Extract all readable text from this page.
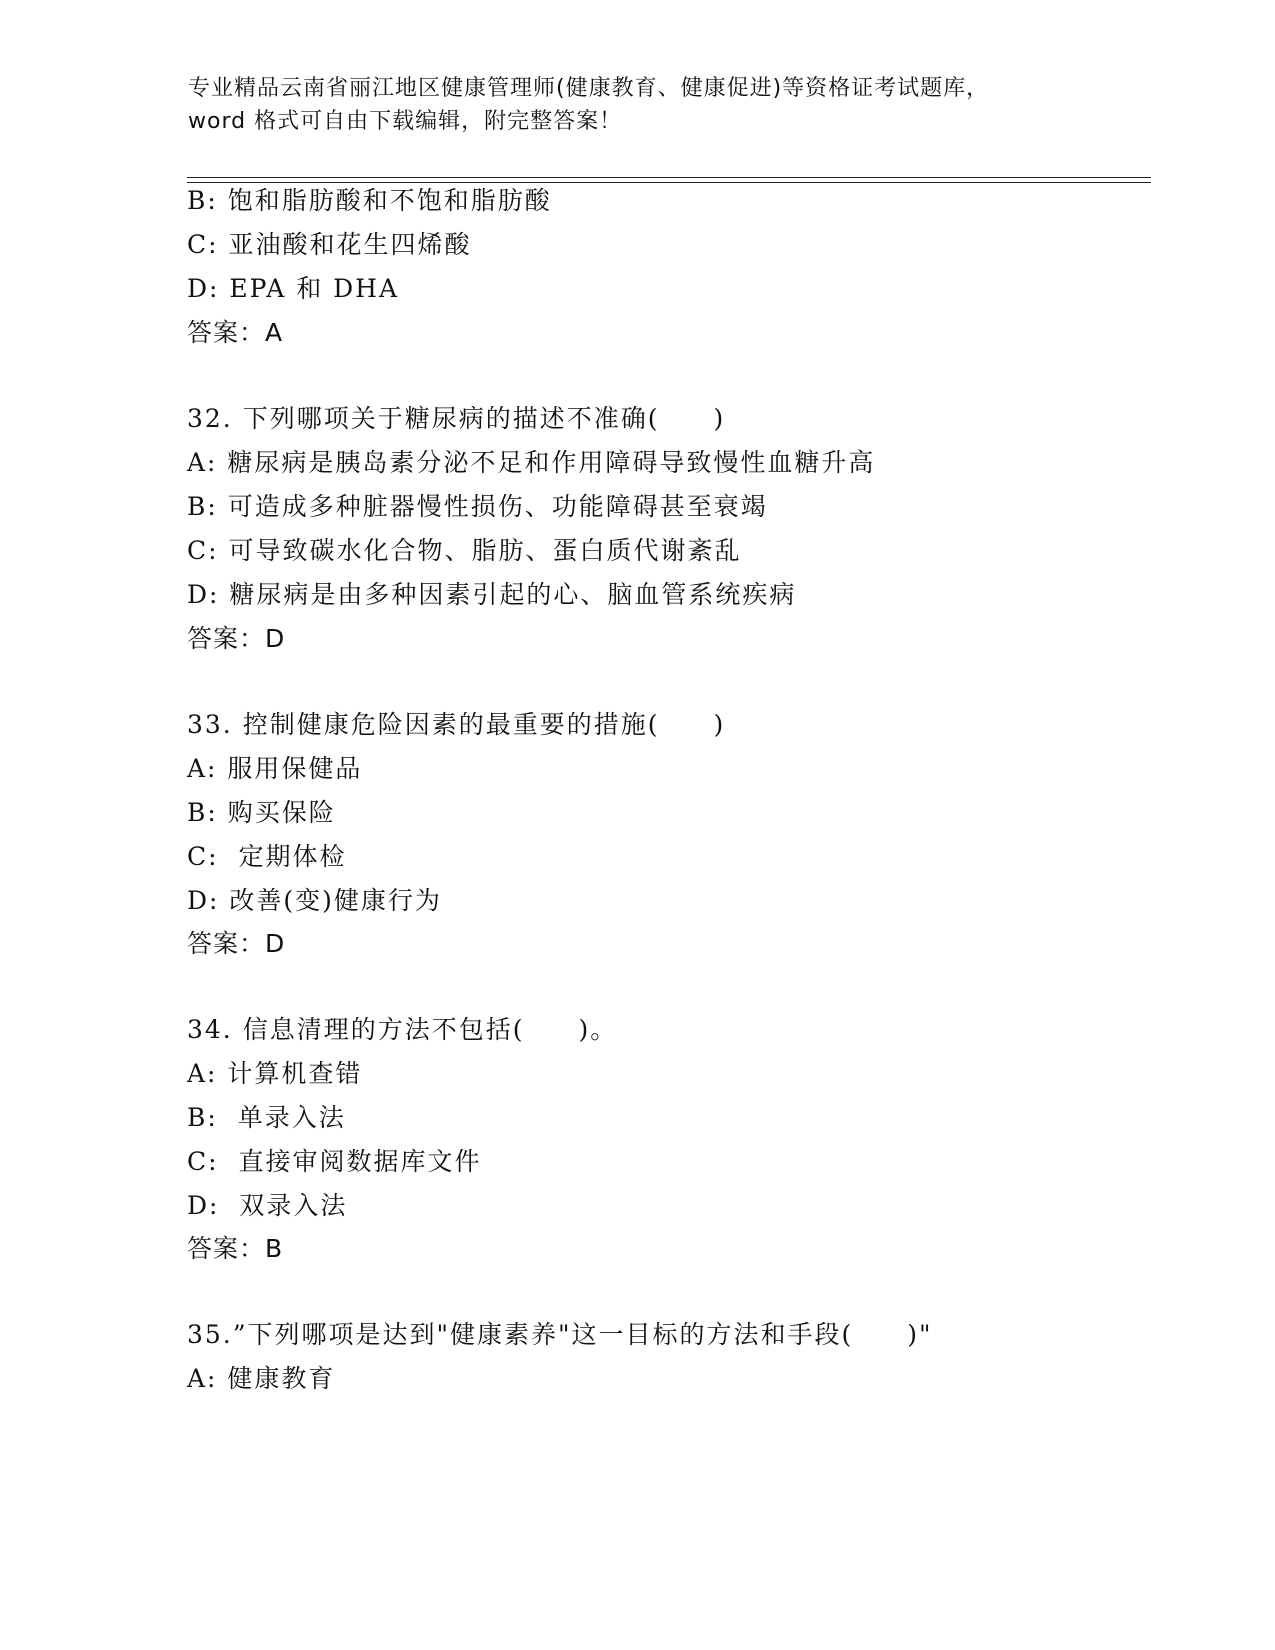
专业精品云南省丽江地区健康管理师(健康教育、健康促进)等资格证考试题库，
word 格式可自由下载编辑，附完整答案！
B: 饱和脂肪酸和不饱和脂肪酸
C: 亚油酸和花生四烯酸
D: EPA 和 DHA
答案：A
32. 下列哪项关于糖尿病的描述不准确(　　)
A: 糖尿病是胰岛素分泌不足和作用障碍导致慢性血糖升高
B: 可造成多种脏器慢性损伤、功能障碍甚至衰竭
C: 可导致碳水化合物、脂肪、蛋白质代谢紊乱
D: 糖尿病是由多种因素引起的心、脑血管系统疾病
答案：D
33. 控制健康危险因素的最重要的措施(　　)
A: 服用保健品
B: 购买保险
C:  定期体检
D: 改善(变)健康行为
答案：D
34. 信息清理的方法不包括(　　)。
A: 计算机查错
B:  单录入法
C:  直接审阅数据库文件
D:  双录入法
答案：B
35.”下列哪项是达到"健康素养"这一目标的方法和手段(　　)"
A: 健康教育
